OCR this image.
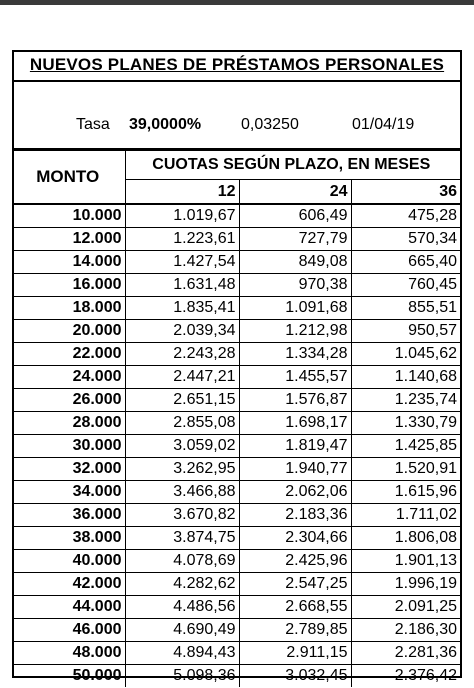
NUEVOS PLANES DE PRÉSTAMOS PERSONALES
Tasa 39,0000% 0,03250	01/04/19
MONTO	CUOTAS SEGÚN PLAZO, EN MESES		
	12	24	36
10.000	1.019,67	606,49	475,28
12.000	1.223,61	727,79	570,34
14.000	1.427,54	849,08	665,40
16.000	1.631,48	970,38	760,45
18.000	1.835,41	1.091,68	855,51
20.000	2.039,34	1.212,98	950,57
22.000	2.243,28	1.334,28	1.045,62
24.000	2.447,21	1.455,57	1.140,68
26.000	2.651,15	1.576,87	1.235,74
28.000	2.855,08	1.698,17	1.330,79
30.000	3.059,02	1.819,47	1.425,85
32.000	3.262,95	1.940,77	1.520,91
34.000	3.466,88	2.062,06	1.615,96
36.000	3.670,82	2.183,36	1.711,02
38.000	3.874,75	2.304,66	1.806,08
40.000	4.078,69	2.425,96	1.901,13
42.000	4.282,62	2.547,25	1.996,19
44.000	4.486,56	2.668,55	2.091,25
46.000	4.690,49	2.789,85	2.186,30
48.000	4.894,43	2.911,15	2.281,36
50.000	5.098,36	3.032,45	2.376,42
